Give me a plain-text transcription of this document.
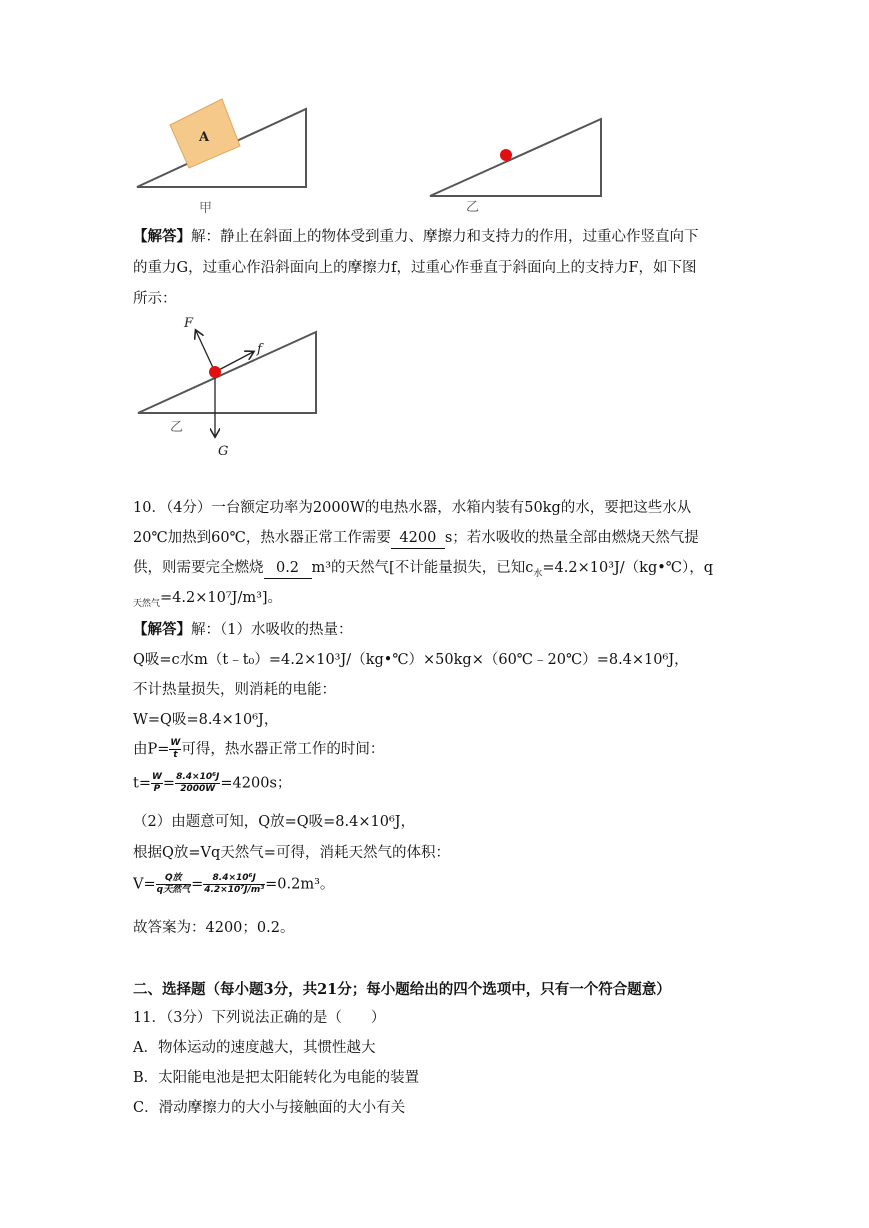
A
甲	乙
【解答】解：静止在斜面上的物体受到重力、摩擦力和支持力的作用，过重心作竖直向下
的重力G，过重心作沿斜面向上的摩擦力f，过重心作垂直于斜面向上的支持力F，如下图
所示：
F
f
G
乙
10．（4分）一台额定功率为2000W的电热水器，水箱内装有50kg的水，要把这些水从
20℃加热到60℃，热水器正常工作需要 4200 s；若水吸收的热量全部由燃烧天然气提
供，则需要完全燃烧 0.2 m³的天然气[不计能量损失，已知$c_水=4.2\times 10^3J/(kg•℃)$，q
$_{天然气}$=4.2×10⁷J/m³]。
【解答】解：（1）水吸收的热量：
Q吸=c水m（t﹣t₀）=4.2×10³J/（kg•℃）×50kg×（60℃﹣20℃）=8.4×10⁶J，
不计热量损失，则消耗的电能：
W=Q吸=8.4×10⁶J，
由$P= \frac{W}{t}$ 可得，热水器正常工作的时间：
$t= \frac{W}{P} = \frac{\text{8.4×10⁶J}}{2000W} =4200s$；
（2）由题意可知，Q放=Q吸=8.4×10⁶J，
根据Q放=Vq天然气=可得，消耗天然气的体积：
$V= \frac{\text{Q放}}{\text{q天然气}} = \frac{\text{8.4×10⁶J}}{\text{4.2×10⁷J/m³}} =0.2m^3$。
故答案为：4200；0.2。
二、选择题（每小题3分，共21分；每小题给出的四个选项中，只有一个符合题意）
11．（3分）下列说法正确的是（　　）
A．物体运动的速度越大，其惯性越大
B．太阳能电池是把太阳能转化为电能的装置
C．滑动摩擦力的大小与接触面的大小有关
